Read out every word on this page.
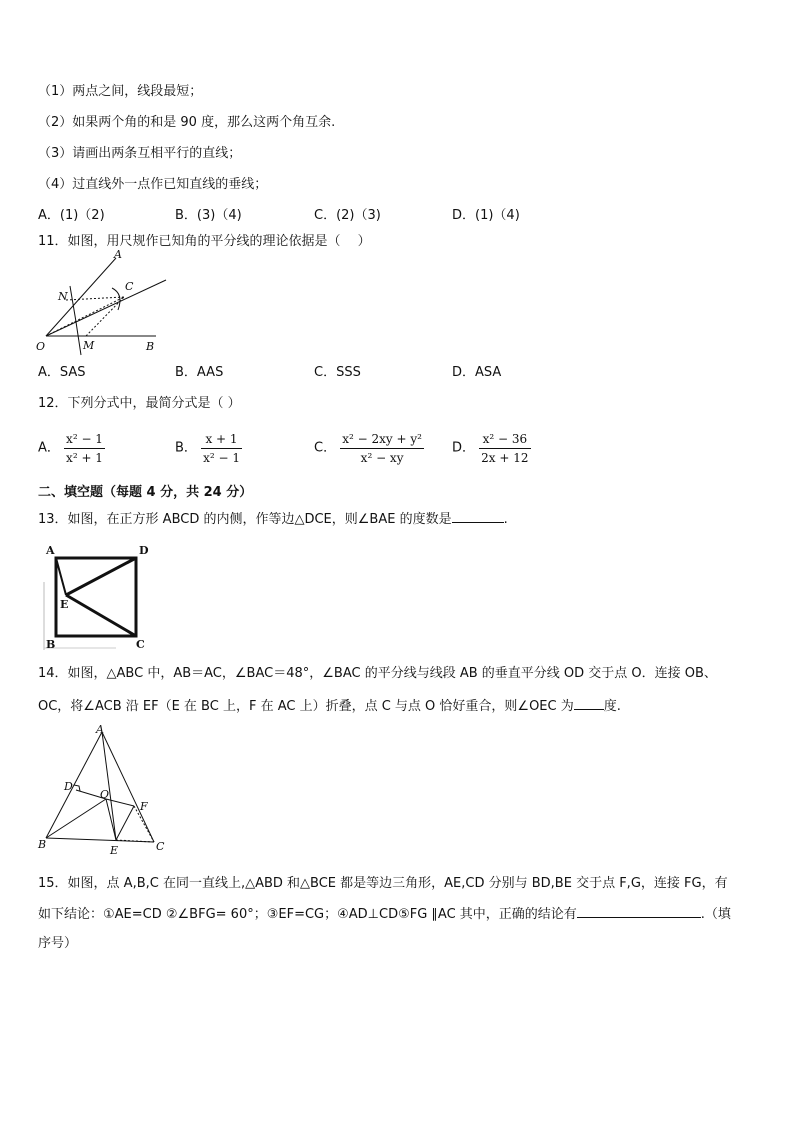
（1）两点之间，线段最短；
（2）如果两个角的和是 90 度，那么这两个角互余.
（3）请画出两条互相平行的直线；
（4）过直线外一点作已知直线的垂线；
A．(1)（2)	B．(3)（4)	C．(2)（3)	D．(1)（4)
11．如图，用尺规作已知角的平分线的理论依据是（　 ）
A
C
N
O	M	B
A．SAS	B．AAS	C．SSS	D．ASA
12．下列分式中，最简分式是（ ）
A． $\frac{\text{x² − 1}}{\text{x² + 1}}$	B． $\frac{x + 1}{\text{x² − 1}}$	C． $\frac{\text{x² − 2xy + y²}}{\text{x² − xy}}$ D． $\frac{\text{x² − 36}}{2x + 12}$
二、填空题（每题 4 分，共 24 分）
13．如图，在正方形 ABCD 的内侧，作等边△DCE，则∠BAE 的度数是	.
A	D
E
B	C
14．如图，△ABC 中，AB＝AC，∠BAC＝48°，∠BAC 的平分线与线段 AB 的垂直平分线 OD 交于点 O．连接 OB、
OC，将∠ACB 沿 EF（E 在 BC 上，F 在 AC 上）折叠，点 C 与点 O 恰好重合，则∠OEC 为 度.
A
D
O
F
B	E	C
15．如图，点 A,B,C 在同一直线上,△ABD 和△BCE 都是等边三角形，AE,CD 分别与 BD,BE 交于点 F,G，连接 FG，有
如下结论：①AE=CD ②∠BFG= 60°；③EF=CG；④AD⊥CD⑤FG ∥AC 其中，正确的结论有	.（填
序号）
